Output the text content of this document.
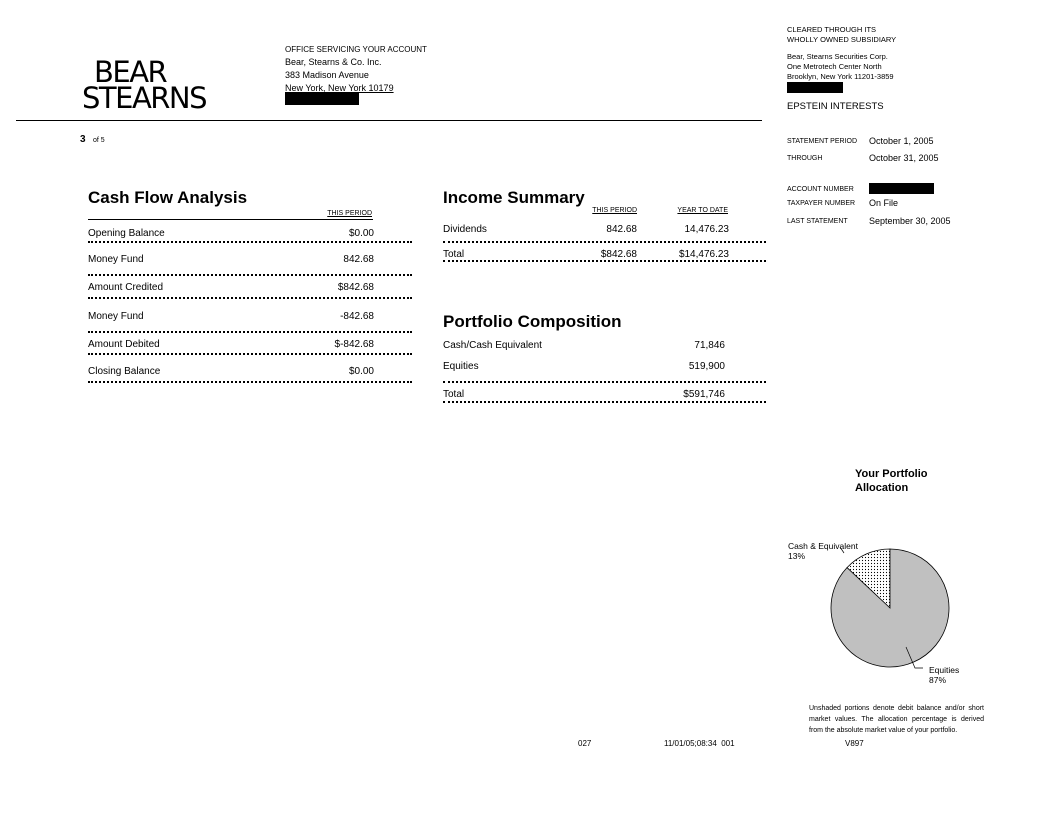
BEAR
STEARNS
OFFICE SERVICING YOUR ACCOUNT
Bear, Stearns & Co. Inc.
383 Madison Avenue
New York, New York 10179
3 of 5
CLEARED THROUGH ITS
WHOLLY OWNED SUBSIDIARY
Bear, Stearns Securities Corp.
One Metrotech Center North
Brooklyn, New York 11201-3859
EPSTEIN INTERESTS
STATEMENT PERIOD October 1, 2005
THROUGH	October 31, 2005
ACCOUNT NUMBER
TAXPAYER NUMBER On File
LAST STATEMENT September 30, 2005
Cash Flow Analysis
THIS PERIOD
Opening Balance	$0.00
Money Fund	842.68
Amount Credited	$842.68
Money Fund	-842.68
Amount Debited	$-842.68
Closing Balance	$0.00
Income Summary
THIS PERIOD	YEAR TO DATE
Dividends	842.68	14,476.23
Total	$842.68	$14,476.23
Portfolio Composition
Cash/Cash Equivalent	71,846
Equities	519,900
Total	$591,746
Your Portfolio
Allocation
Cash & Equivalent
13%
Equities
87%
Unshaded portions denote debit balance and/or short
market values. The allocation percentage is derived
from the absolute market value of your portfolio.
027	11/01/05;08:34  001	V897
